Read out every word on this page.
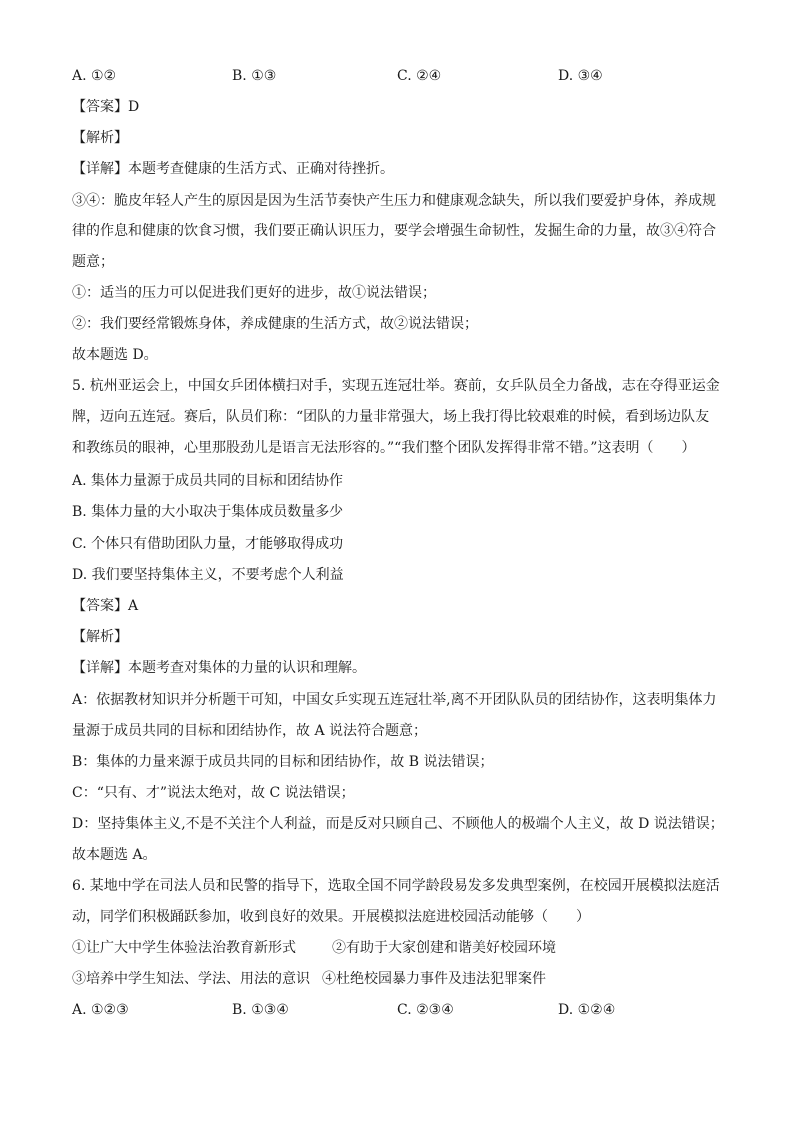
A. ①②	B. ①③	C. ②④	D. ③④
【答案】D
【解析】
【详解】本题考查健康的生活方式、正确对待挫折。
③④：脆皮年轻人产生的原因是因为生活节奏快产生压力和健康观念缺失，所以我们要爱护身体，养成规
律的作息和健康的饮食习惯，我们要正确认识压力，要学会增强生命韧性，发掘生命的力量，故③④符合
题意；
①：适当的压力可以促进我们更好的进步，故①说法错误；
②：我们要经常锻炼身体，养成健康的生活方式，故②说法错误；
故本题选 D。
5. 杭州亚运会上，中国女乒团体横扫对手，实现五连冠壮举。赛前，女乒队员全力备战，志在夺得亚运金
牌，迈向五连冠。赛后，队员们称：“团队的力量非常强大，场上我打得比较艰难的时候，看到场边队友
和教练员的眼神，心里那股劲儿是语言无法形容的。”“我们整个团队发挥得非常不错。”这表明（　　）
A. 集体力量源于成员共同的目标和团结协作
B. 集体力量的大小取决于集体成员数量多少
C. 个体只有借助团队力量，才能够取得成功
D. 我们要坚持集体主义，不要考虑个人利益
【答案】A
【解析】
【详解】本题考查对集体的力量的认识和理解。
A：依据教材知识并分析题干可知，中国女乒实现五连冠壮举,离不开团队队员的团结协作，这表明集体力
量源于成员共同的目标和团结协作，故 A 说法符合题意；
B：集体的力量来源于成员共同的目标和团结协作，故 B 说法错误；
C：“只有、才”说法太绝对，故 C 说法错误；
D：坚持集体主义,不是不关注个人利益，而是反对只顾自己、不顾他人的极端个人主义，故 D 说法错误；
故本题选 A。
6. 某地中学在司法人员和民警的指导下，选取全国不同学龄段易发多发典型案例，在校园开展模拟法庭活
动，同学们积极踊跃参加，收到良好的效果。开展模拟法庭进校园活动能够（　　）
①让广大中学生体验法治教育新形式	②有助于大家创建和谐美好校园环境
③培养中学生知法、学法、用法的意识 ④杜绝校园暴力事件及违法犯罪案件
A. ①②③	B. ①③④	C. ②③④	D. ①②④
